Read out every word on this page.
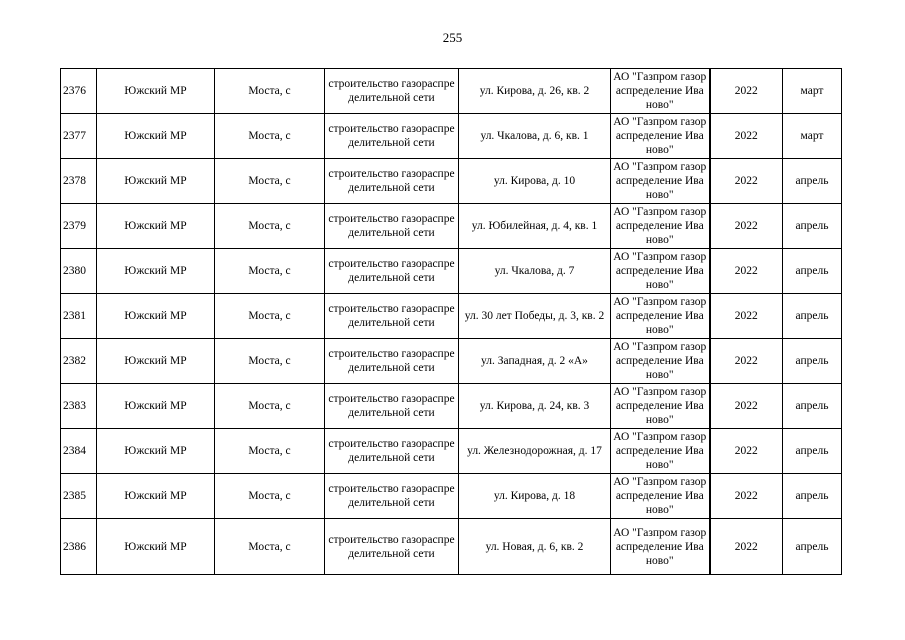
255
2376	Южский МР	Моста, с	строительство газораспределительной сети	ул. Кирова, д. 26, кв. 2	АО "Газпром газораспределение Иваново"	2022	март
2377	Южский МР	Моста, с	строительство газораспределительной сети	ул. Чкалова, д. 6, кв. 1	АО "Газпром газораспределение Иваново"	2022	март
2378	Южский МР	Моста, с	строительство газораспределительной сети	ул. Кирова, д. 10	АО "Газпром газораспределение Иваново"	2022	апрель
2379	Южский МР	Моста, с	строительство газораспределительной сети	ул. Юбилейная, д. 4, кв. 1	АО "Газпром газораспределение Иваново"	2022	апрель
2380	Южский МР	Моста, с	строительство газораспределительной сети	ул. Чкалова, д. 7	АО "Газпром газораспределение Иваново"	2022	апрель
2381	Южский МР	Моста, с	строительство газораспределительной сети	ул. 30 лет Победы, д. 3, кв. 2	АО "Газпром газораспределение Иваново"	2022	апрель
2382	Южский МР	Моста, с	строительство газораспределительной сети	ул. Западная, д. 2 «А»	АО "Газпром газораспределение Иваново"	2022	апрель
2383	Южский МР	Моста, с	строительство газораспределительной сети	ул. Кирова, д. 24, кв. 3	АО "Газпром газораспределение Иваново"	2022	апрель
2384	Южский МР	Моста, с	строительство газораспределительной сети	ул. Железнодорожная, д. 17	АО "Газпром газораспределение Иваново"	2022	апрель
2385	Южский МР	Моста, с	строительство газораспределительной сети	ул. Кирова, д. 18	АО "Газпром газораспределение Иваново"	2022	апрель
2386	Южский МР	Моста, с	строительство газораспределительной сети	ул. Новая, д. 6, кв. 2	АО "Газпром газораспределение Иваново"	2022	апрель
